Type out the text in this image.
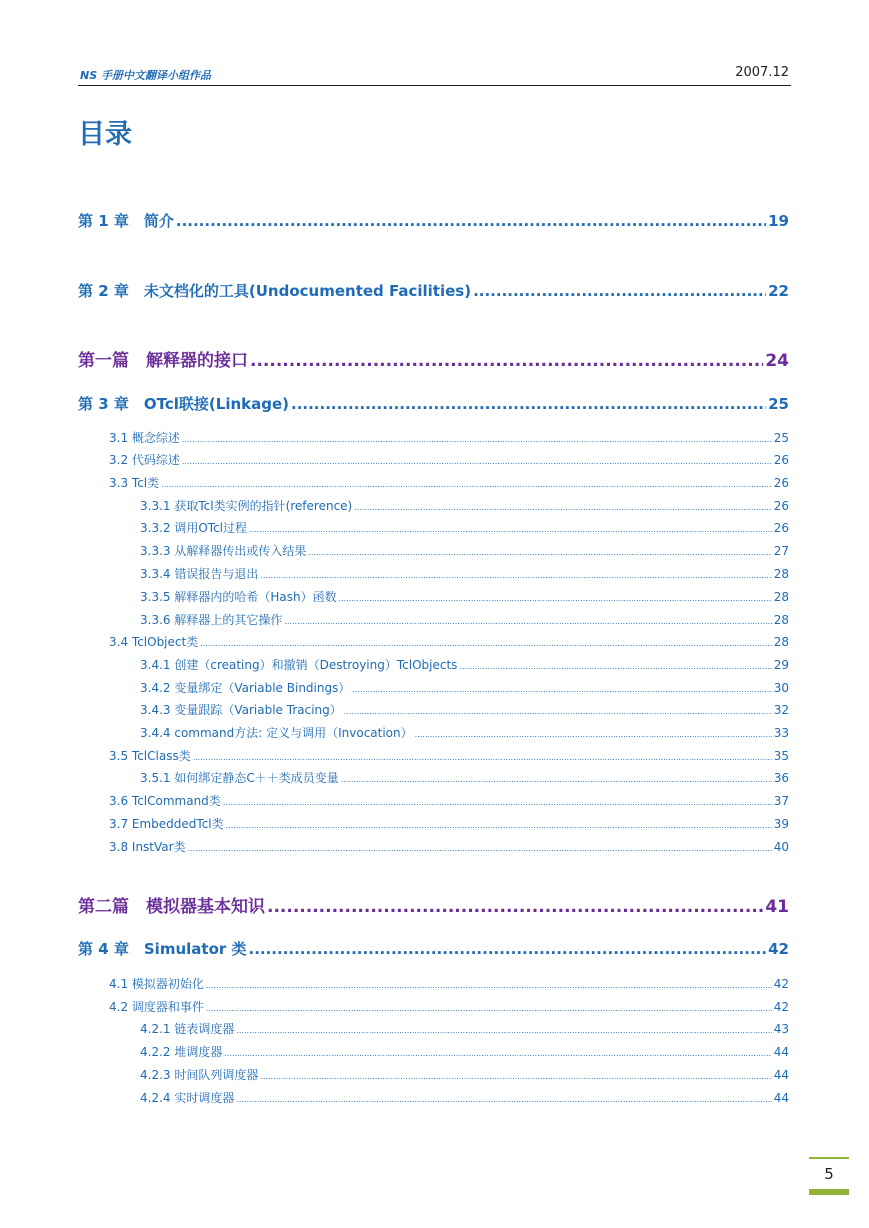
NS 手册中文翻译小组作品	2007.12
目录
第 1 章　简介 .....	19
第 2 章　未文档化的工具(Undocumented Facilities) .....	22
第一篇　解释器的接口 .....	24
第 3 章　OTcl联接(Linkage) .....	25
3.1 概念综述 .....	25
3.2 代码综述 .....	26
3.3 Tcl类 .....	26
3.3.1 获取Tcl类实例的指针(reference) .....	26
3.3.2 调用OTcl过程 .....	26
3.3.3 从解释器传出或传入结果 .....	27
3.3.4 错误报告与退出 .....	28
3.3.5 解释器内的哈希（Hash）函数 .....	28
3.3.6 解释器上的其它操作 .....	28
3.4 TclObject类 .....	28
3.4.1 创建（creating）和撤销（Destroying）TclObjects .....	29
3.4.2 变量绑定（Variable Bindings） .....	30
3.4.3 变量跟踪（Variable Tracing） .....	32
3.4.4 command方法: 定义与调用（Invocation） .....	33
3.5 TclClass类 .....	35
3.5.1 如何绑定静态C＋＋类成员变量 .....	36
3.6 TclCommand类 .....	37
3.7 EmbeddedTcl类 .....	39
3.8 InstVar类 .....	40
第二篇　模拟器基本知识 .....	41
第 4 章　Simulator 类 .....	42
4.1 模拟器初始化 .....	42
4.2 调度器和事件 .....	42
4.2.1 链表调度器 .....	43
4.2.2 堆调度器 .....	44
4.2.3 时间队列调度器 .....	44
4.2.4 实时调度器 .....	44
5
